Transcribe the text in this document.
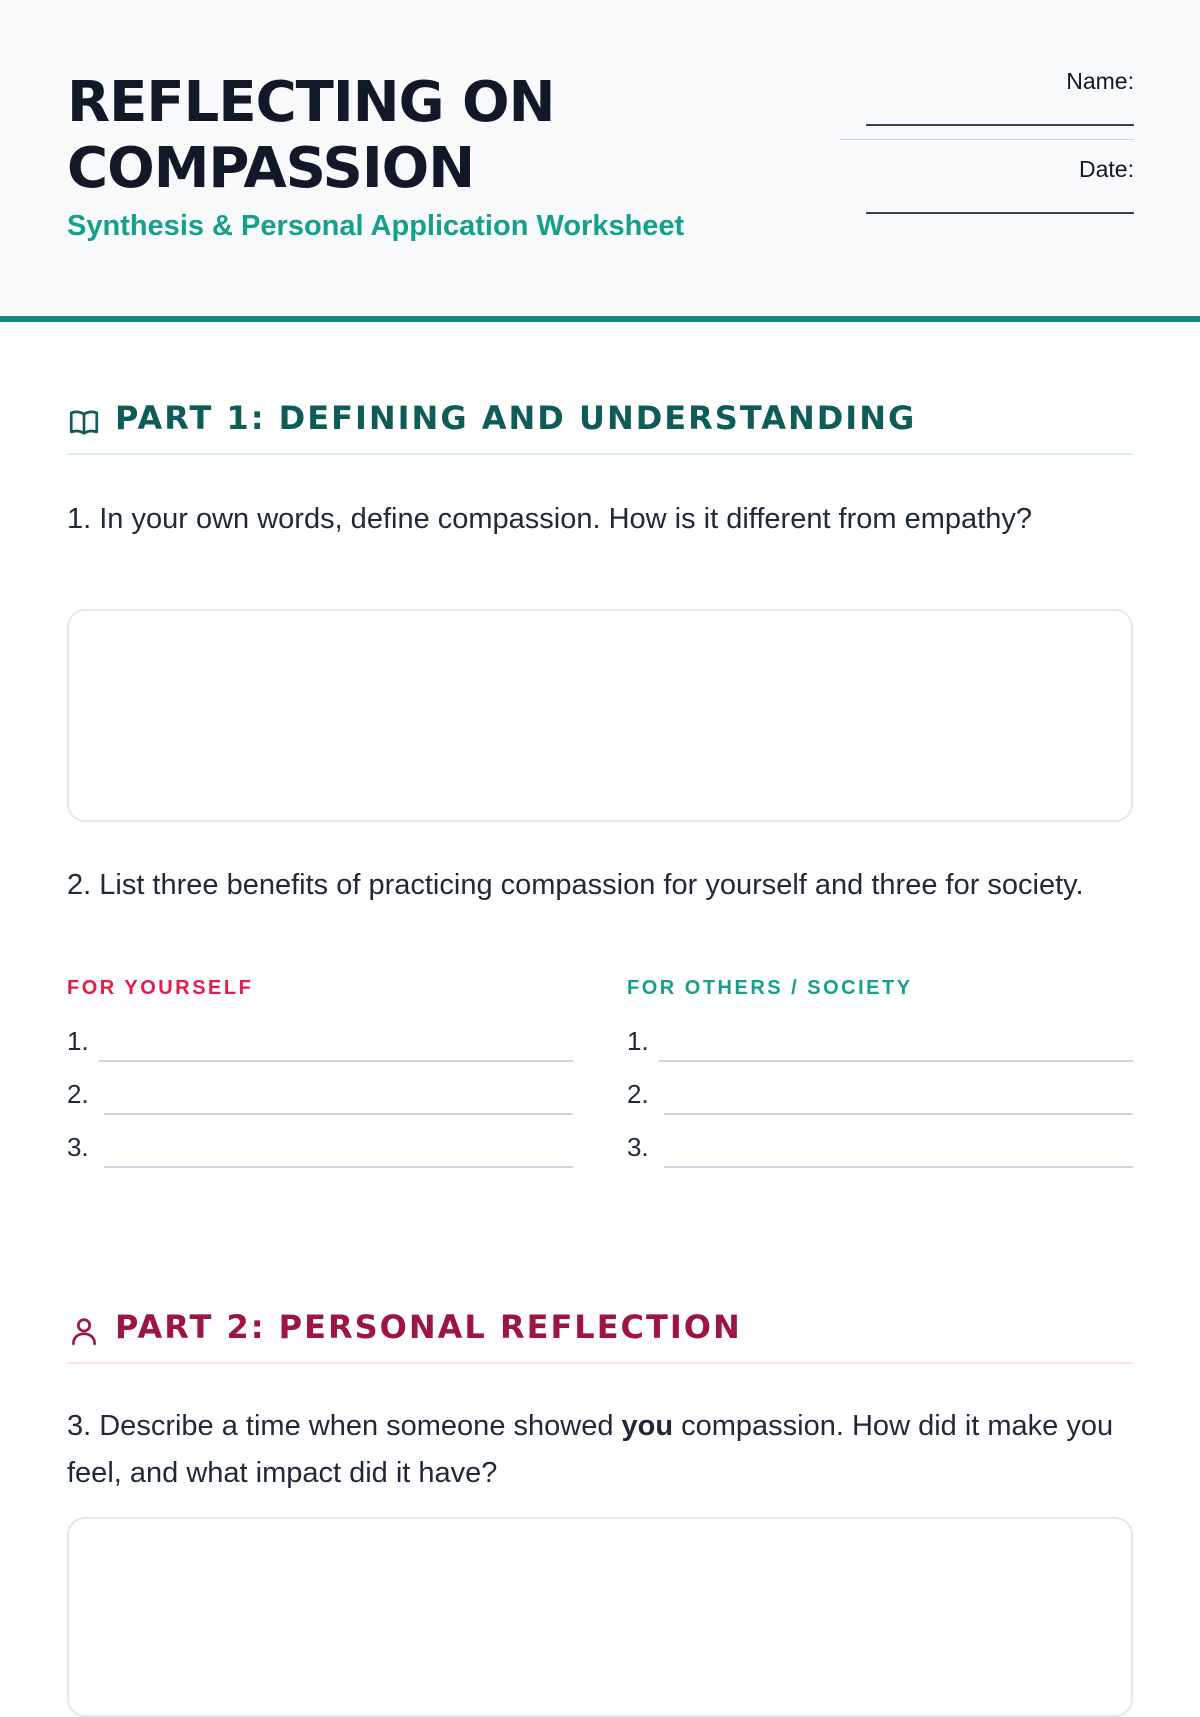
REFLECTING ON
COMPASSION
Synthesis & Personal Application Worksheet
Name:
Date:
PART 1: DEFINING AND UNDERSTANDING

1. In your own words, define compassion. How is it different from empathy?

2. List three benefits of practicing compassion for yourself and three for society.

FOR YOURSELF	FOR OTHERS / SOCIETY
1.
2.
3.
1.
2.
3.
PART 2: PERSONAL REFLECTION

3. Describe a time when someone showed you compassion. How did it make you feel, and what impact did it have?
